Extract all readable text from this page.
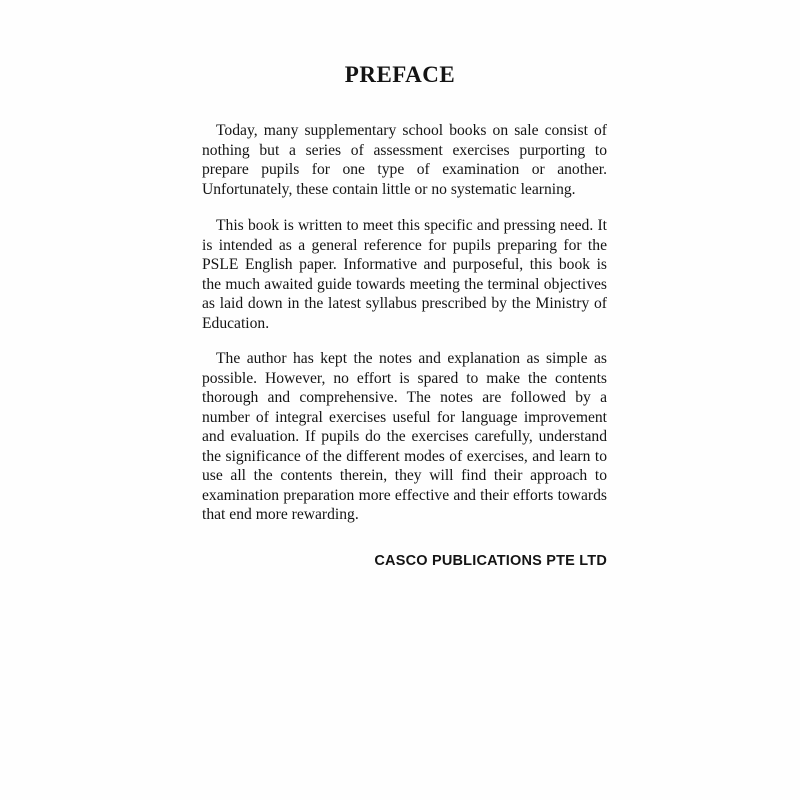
PREFACE

Today, many supplementary school books on sale consist of nothing but a series of assessment exercises purporting to prepare pupils for one type of examination or another. Unfortunately, these contain little or no systematic learning.

This book is written to meet this specific and pressing need. It is intended as a general reference for pupils preparing for the PSLE English paper. Informative and purposeful, this book is the much awaited guide towards meeting the terminal objectives as laid down in the latest syllabus prescribed by the Ministry of Education.

The author has kept the notes and explanation as simple as possible. However, no effort is spared to make the contents thorough and comprehensive. The notes are followed by a number of integral exercises useful for language improvement and evaluation. If pupils do the exercises carefully, understand the significance of the different modes of exercises, and learn to use all the contents therein, they will find their approach to examination preparation more effective and their efforts towards that end more rewarding.

CASCO PUBLICATIONS PTE LTD
